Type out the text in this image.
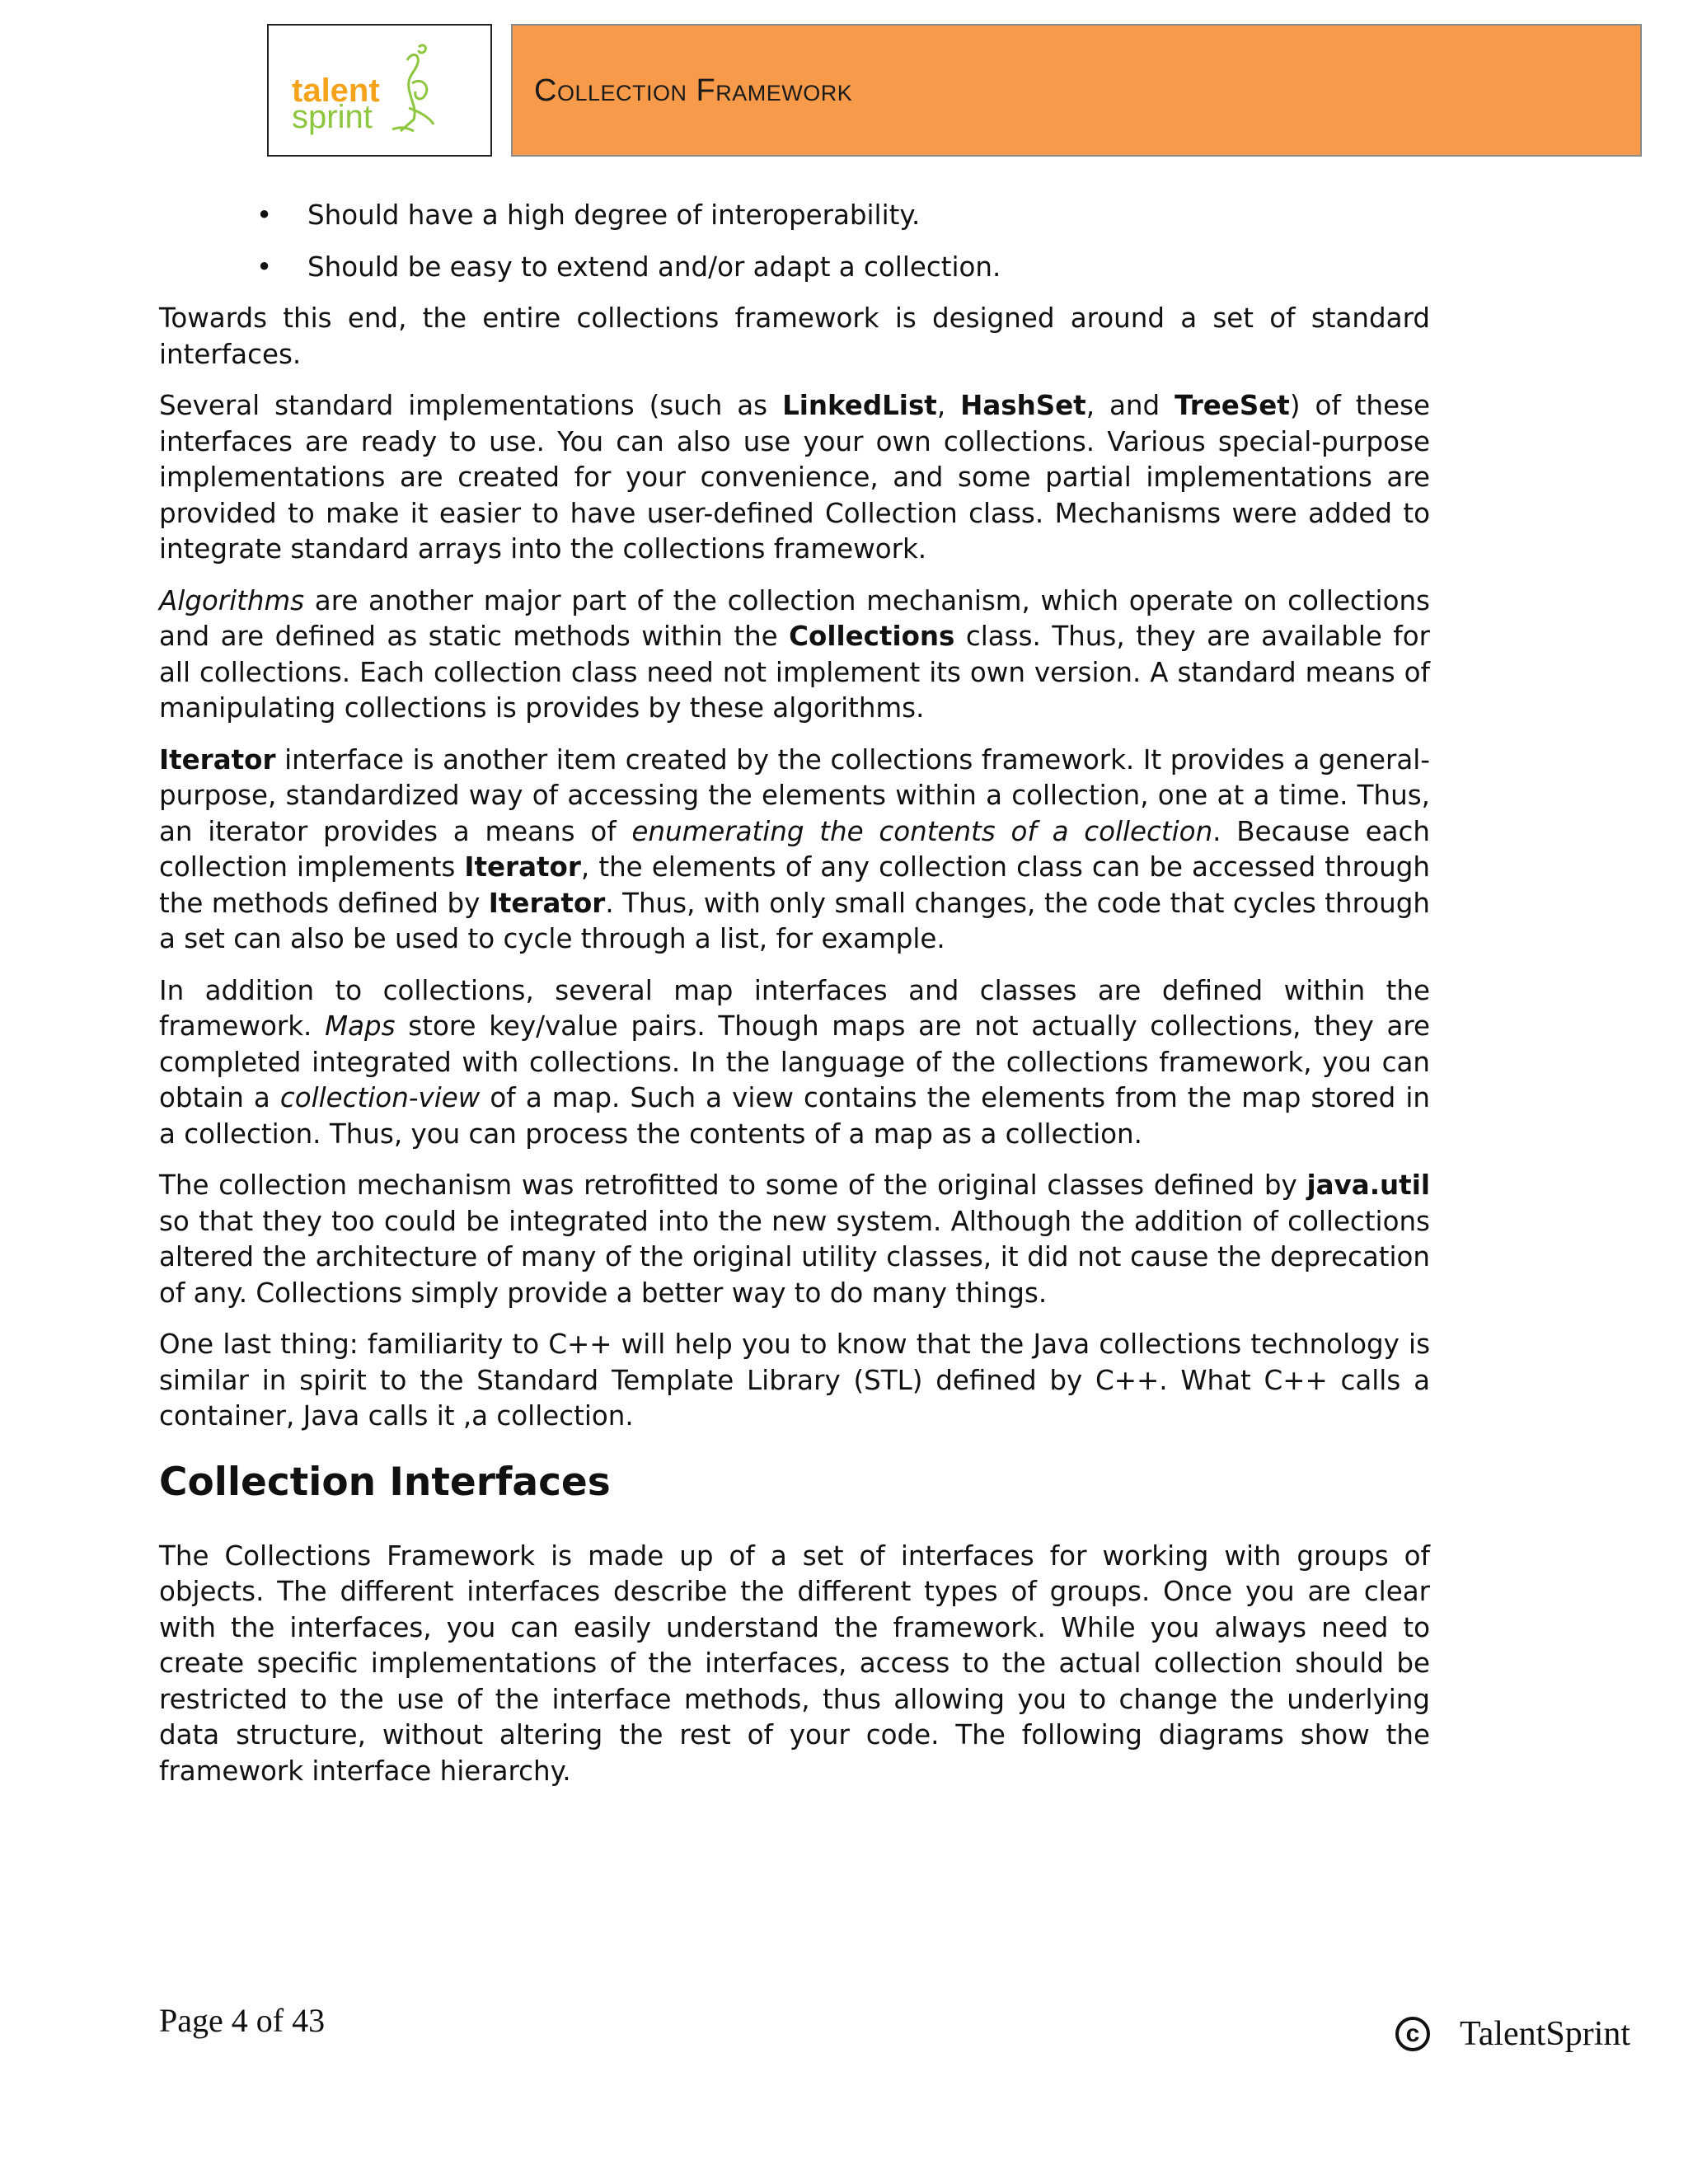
talent
sprint

Collection Framework

• Should have a high degree of interoperability.
• Should be easy to extend and/or adapt a collection.

Towards this end, the entire collections framework is designed around a set of standard interfaces.

Several standard implementations (such as LinkedList, HashSet, and TreeSet) of these interfaces are ready to use. You can also use your own collections. Various special-purpose implementations are created for your convenience, and some partial implementations are provided to make it easier to have user-defined Collection class. Mechanisms were added to integrate standard arrays into the collections framework.

Algorithms are another major part of the collection mechanism, which operate on collections and are defined as static methods within the Collections class. Thus, they are available for all collections. Each collection class need not implement its own version. A standard means of manipulating collections is provides by these algorithms.

Iterator interface is another item created by the collections framework. It provides a general-purpose, standardized way of accessing the elements within a collection, one at a time. Thus, an iterator provides a means of enumerating the contents of a collection. Because each collection implements Iterator, the elements of any collection class can be accessed through the methods defined by Iterator. Thus, with only small changes, the code that cycles through a set can also be used to cycle through a list, for example.

In addition to collections, several map interfaces and classes are defined within the framework. Maps store key/value pairs. Though maps are not actually collections, they are completed integrated with collections. In the language of the collections framework, you can obtain a collection-view of a map. Such a view contains the elements from the map stored in a collection. Thus, you can process the contents of a map as a collection.

The collection mechanism was retrofitted to some of the original classes defined by java.util so that they too could be integrated into the new system. Although the addition of collections altered the architecture of many of the original utility classes, it did not cause the deprecation of any. Collections simply provide a better way to do many things.

One last thing: familiarity to C++ will help you to know that the Java collections technology is similar in spirit to the Standard Template Library (STL) defined by C++. What C++ calls a container, Java calls it ,a collection.

Collection Interfaces

The Collections Framework is made up of a set of interfaces for working with groups of objects. The different interfaces describe the different types of groups. Once you are clear with the interfaces, you can easily understand the framework. While you always need to create specific implementations of the interfaces, access to the actual collection should be restricted to the use of the interface methods, thus allowing you to change the underlying data structure, without altering the rest of your code. The following diagrams show the framework interface hierarchy.

Page 4 of 43	c	TalentSprint
